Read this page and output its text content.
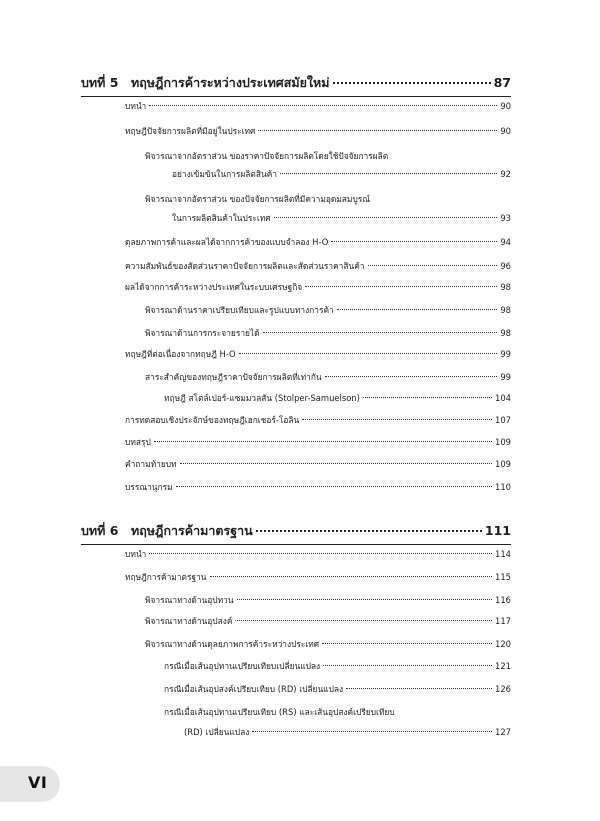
บทที่ 5	ทฤษฎีการค้าระหว่างประเทศสมัยใหม่	87
บทนำ	90
ทฤษฎีปัจจัยการผลิตที่มีอยู่ในประเทศ	90
พิจารณาจากอัตราส่วน ของราคาปัจจัยการผลิตโดยใช้ปัจจัยการผลิต
อย่างเข้มข้นในการผลิตสินค้า	92
พิจารณาจากอัตราส่วน ของปัจจัยการผลิตที่มีความอุดมสมบูรณ์
ในการผลิตสินค้าในประเทศ	93
ดุลยภาพการค้าและผลได้จากการค้าของแบบจำลอง H-O	94
ความสัมพันธ์ของสัดส่วนราคาปัจจัยการผลิตและสัดส่วนราคาสินค้า	96
ผลได้จากการค้าระหว่างประเทศในระบบเศรษฐกิจ	98
พิจารณาด้านราคาเปรียบเทียบและรูปแบบทางการค้า	98
พิจารณาด้านการกระจายรายได้	98
ทฤษฎีที่ต่อเนื่องจากทฤษฎี H-O	99
สาระสำคัญของทฤษฎีราคาปัจจัยการผลิตที่เท่ากัน	99
ทฤษฎี สโตล์เปอร์-แซมมวลสัน (Stolper-Samuelson)	104
การทดสอบเชิงประจักษ์ของทฤษฎีเฮกเชอร์-โอลิน	107
บทสรุป	109
คำถามท้ายบท	109
บรรณานุกรม	110
บทที่ 6	ทฤษฎีการค้ามาตรฐาน	111
บทนำ	114
ทฤษฎีการค้ามาตรฐาน	115
พิจารณาทางด้านอุปทาน	116
พิจารณาทางด้านอุปสงค์	117
พิจารณาทางด้านดุลยภาพการค้าระหว่างประเทศ	120
กรณีเมื่อเส้นอุปทานเปรียบเทียบเปลี่ยนแปลง	121
กรณีเมื่อเส้นอุปสงค์เปรียบเทียบ (RD) เปลี่ยนแปลง	126
กรณีเมื่อเส้นอุปทานเปรียบเทียบ (RS) และเส้นอุปสงค์เปรียบเทียบ
(RD) เปลี่ยนแปลง	127
VI
